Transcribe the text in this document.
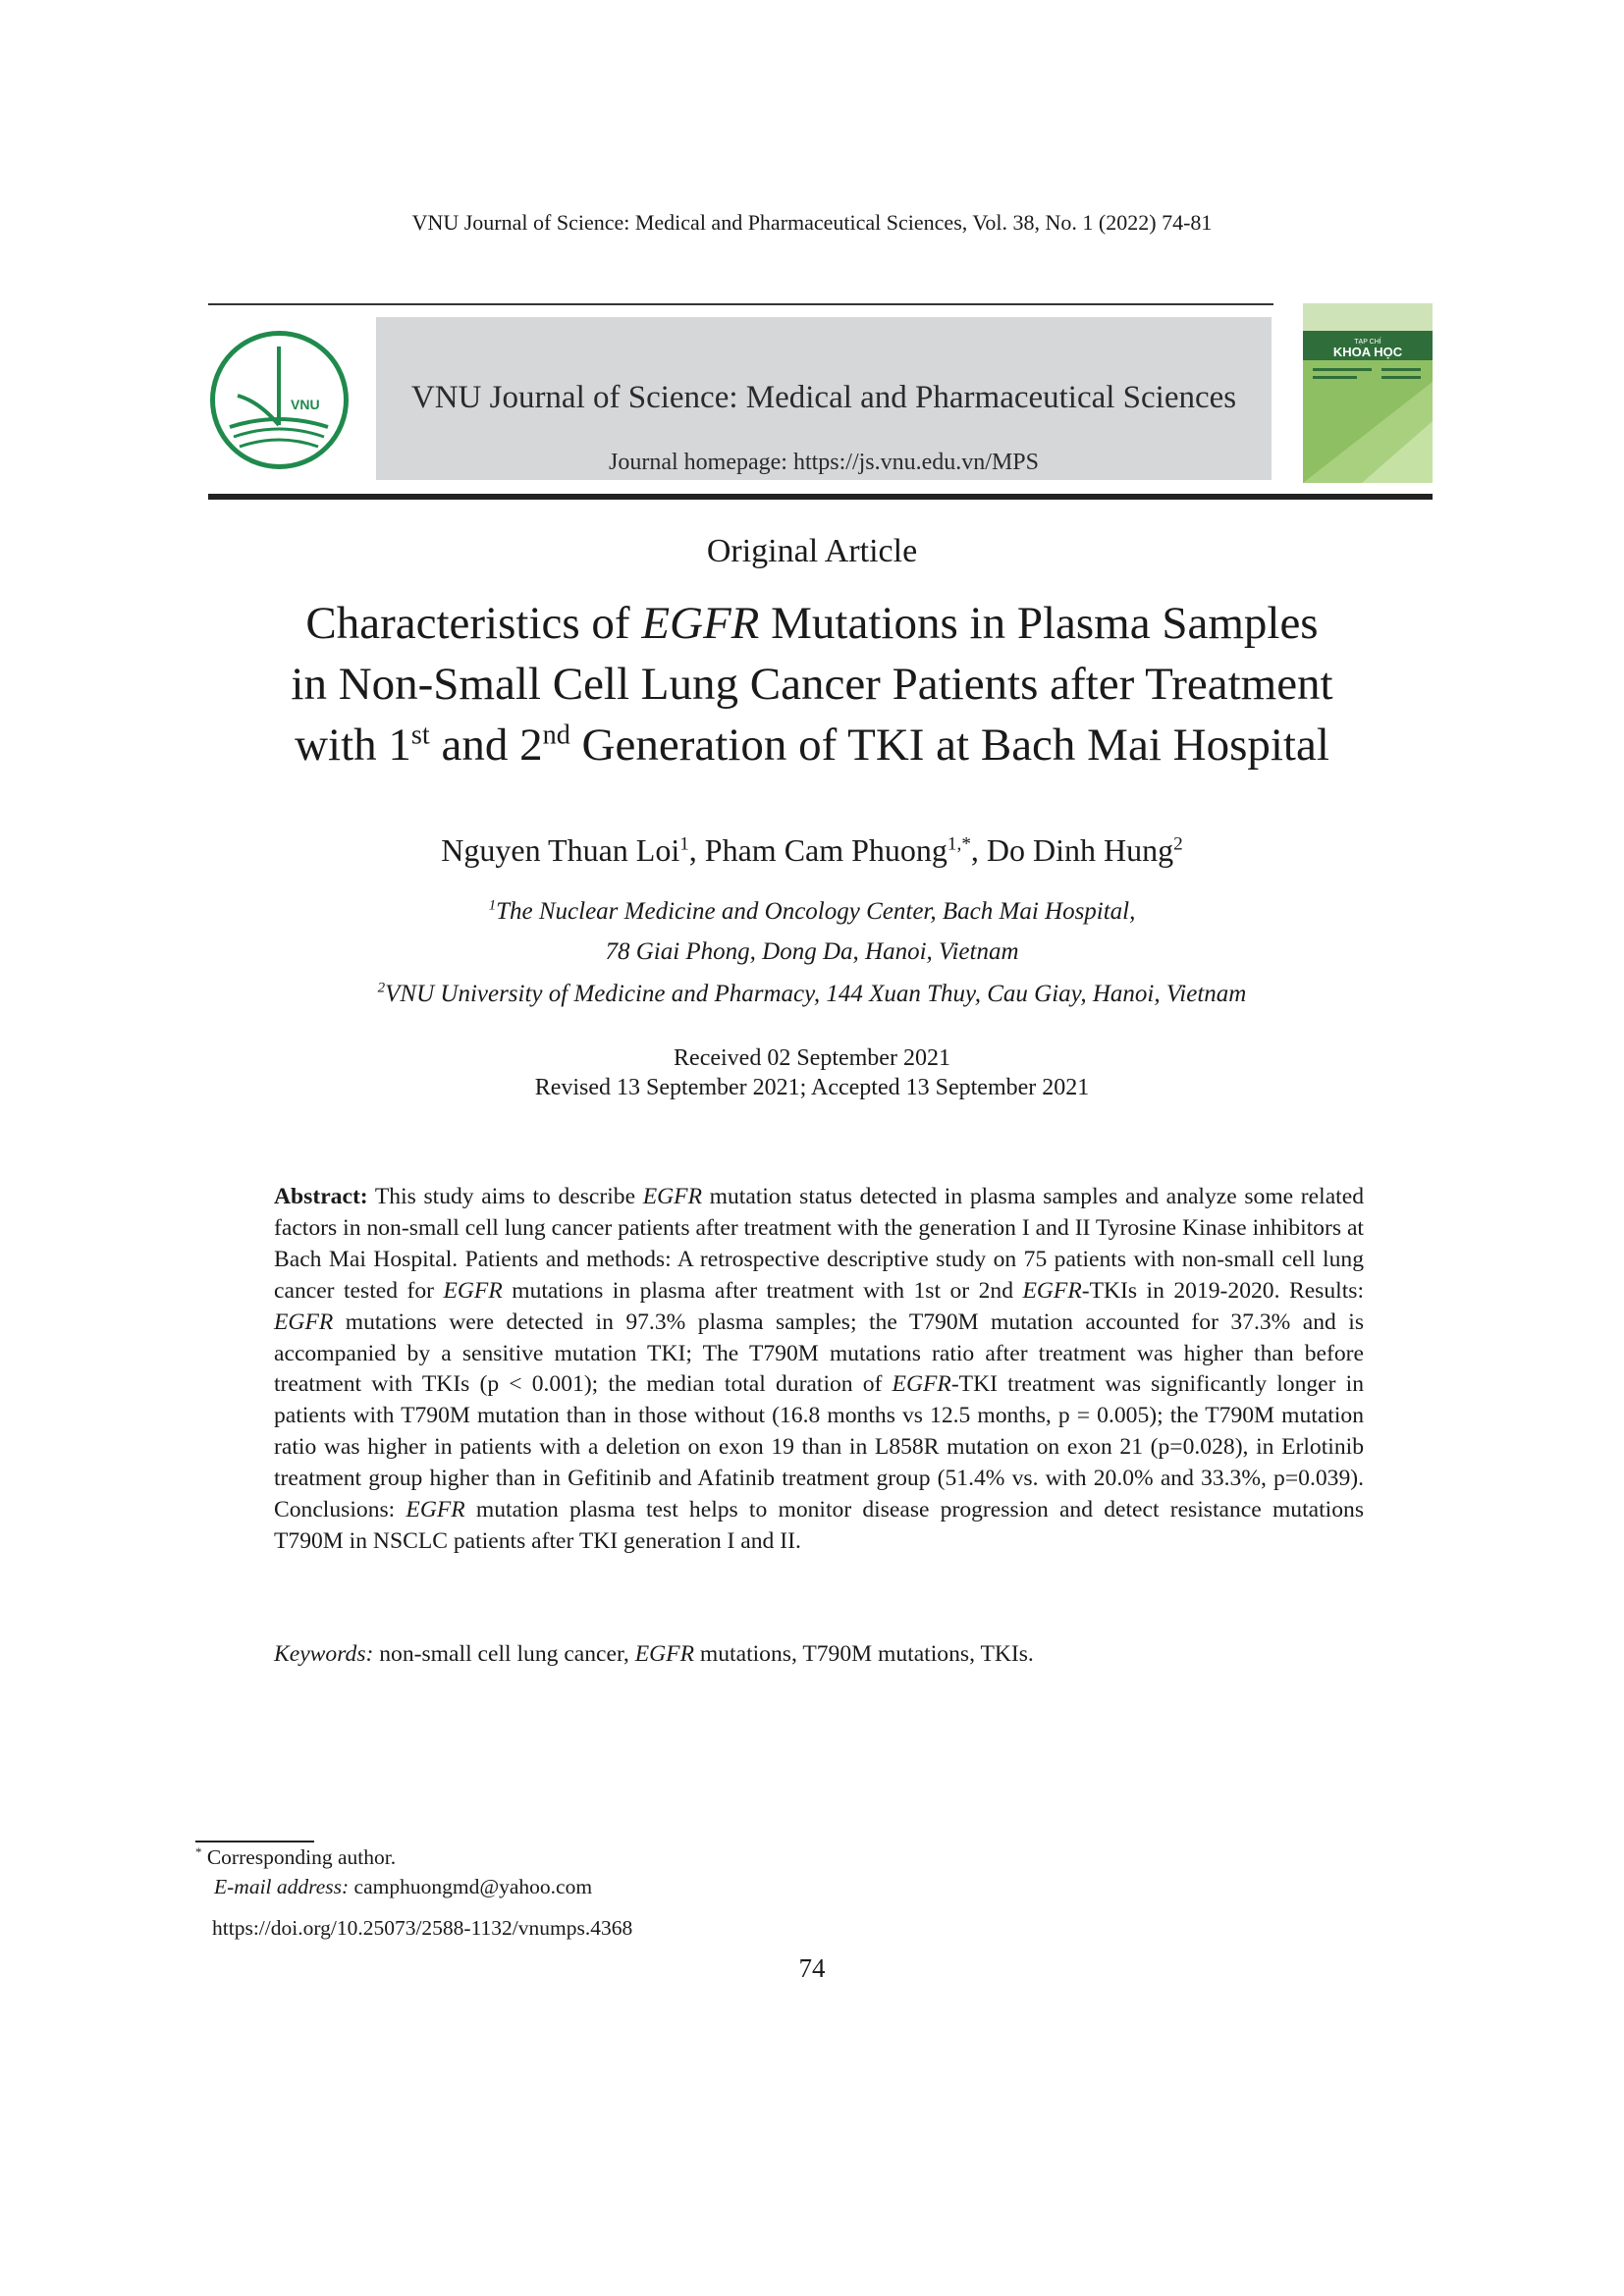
VNU Journal of Science: Medical and Pharmaceutical Sciences, Vol. 38, No. 1 (2022) 74-81
VNU	VNU Journal of Science: Medical and Pharmaceutical Sciences
Journal homepage: https://js.vnu.edu.vn/MPS
TẠP CHÍ
KHOA HỌC
Original Article
Characteristics of EGFR Mutations in Plasma Samples
in Non-Small Cell Lung Cancer Patients after Treatment
with 1st and 2nd Generation of TKI at Bach Mai Hospital
Nguyen Thuan Loi$^1$, Pham Cam Phuong$^{1,*}$, Do Dinh Hung$^2$
$^1$The Nuclear Medicine and Oncology Center, Bach Mai Hospital,
78 Giai Phong, Dong Da, Hanoi, Vietnam
$^2$VNU University of Medicine and Pharmacy, 144 Xuan Thuy, Cau Giay, Hanoi, Vietnam
Received 02 September 2021
Revised 13 September 2021; Accepted 13 September 2021
Abstract: This study aims to describe EGFR mutation status detected in plasma samples and analyze some related factors in non-small cell lung cancer patients after treatment with the generation I and II Tyrosine Kinase inhibitors at Bach Mai Hospital. Patients and methods: A retrospective descriptive study on 75 patients with non-small cell lung cancer tested for EGFR mutations in plasma after treatment with 1st or 2nd EGFR-TKIs in 2019-2020. Results: EGFR mutations were detected in 97.3% plasma samples; the T790M mutation accounted for 37.3% and is accompanied by a sensitive mutation TKI; The T790M mutations ratio after treatment was higher than before treatment with TKIs (p < 0.001); the median total duration of EGFR-TKI treatment was significantly longer in patients with T790M mutation than in those without (16.8 months vs 12.5 months, p = 0.005); the T790M mutation ratio was higher in patients with a deletion on exon 19 than in L858R mutation on exon 21 (p=0.028), in Erlotinib treatment group higher than in Gefitinib and Afatinib treatment group (51.4% vs. with 20.0% and 33.3%, p=0.039). Conclusions: EGFR mutation plasma test helps to monitor disease progression and detect resistance mutations T790M in NSCLC patients after TKI generation I and II.
Keywords: non-small cell lung cancer, EGFR mutations, T790M mutations, TKIs.
* Corresponding author.
E-mail address: camphuongmd@yahoo.com
https://doi.org/10.25073/2588-1132/vnumps.4368
74
